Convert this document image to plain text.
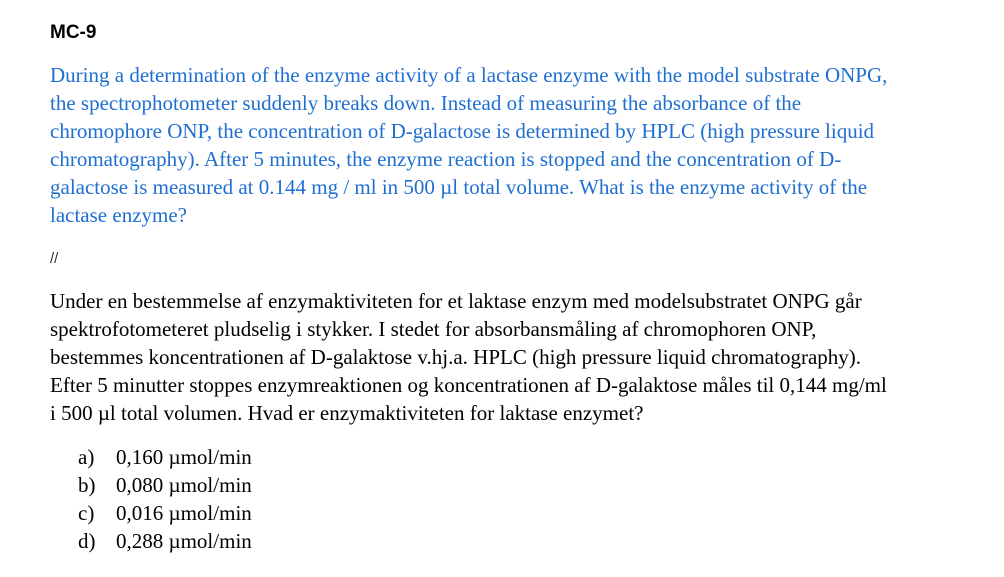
MC-9
During a determination of the enzyme activity of a lactase enzyme with the model substrate ONPG,
the spectrophotometer suddenly breaks down. Instead of measuring the absorbance of the
chromophore ONP, the concentration of D-galactose is determined by HPLC (high pressure liquid
chromatography). After 5 minutes, the enzyme reaction is stopped and the concentration of D-
galactose is measured at 0.144 mg / ml in 500 µl total volume. What is the enzyme activity of the
lactase enzyme?
//
Under en bestemmelse af enzymaktiviteten for et laktase enzym med modelsubstratet ONPG går
spektrofotometeret pludselig i stykker. I stedet for absorbansmåling af chromophoren ONP,
bestemmes koncentrationen af D-galaktose v.hj.a. HPLC (high pressure liquid chromatography).
Efter 5 minutter stoppes enzymreaktionen og koncentrationen af D-galaktose måles til 0,144 mg/ml
i 500 µl total volumen. Hvad er enzymaktiviteten for laktase enzymet?
a) 0,160 µmol/min
b) 0,080 µmol/min
c) 0,016 µmol/min
d) 0,288 µmol/min
